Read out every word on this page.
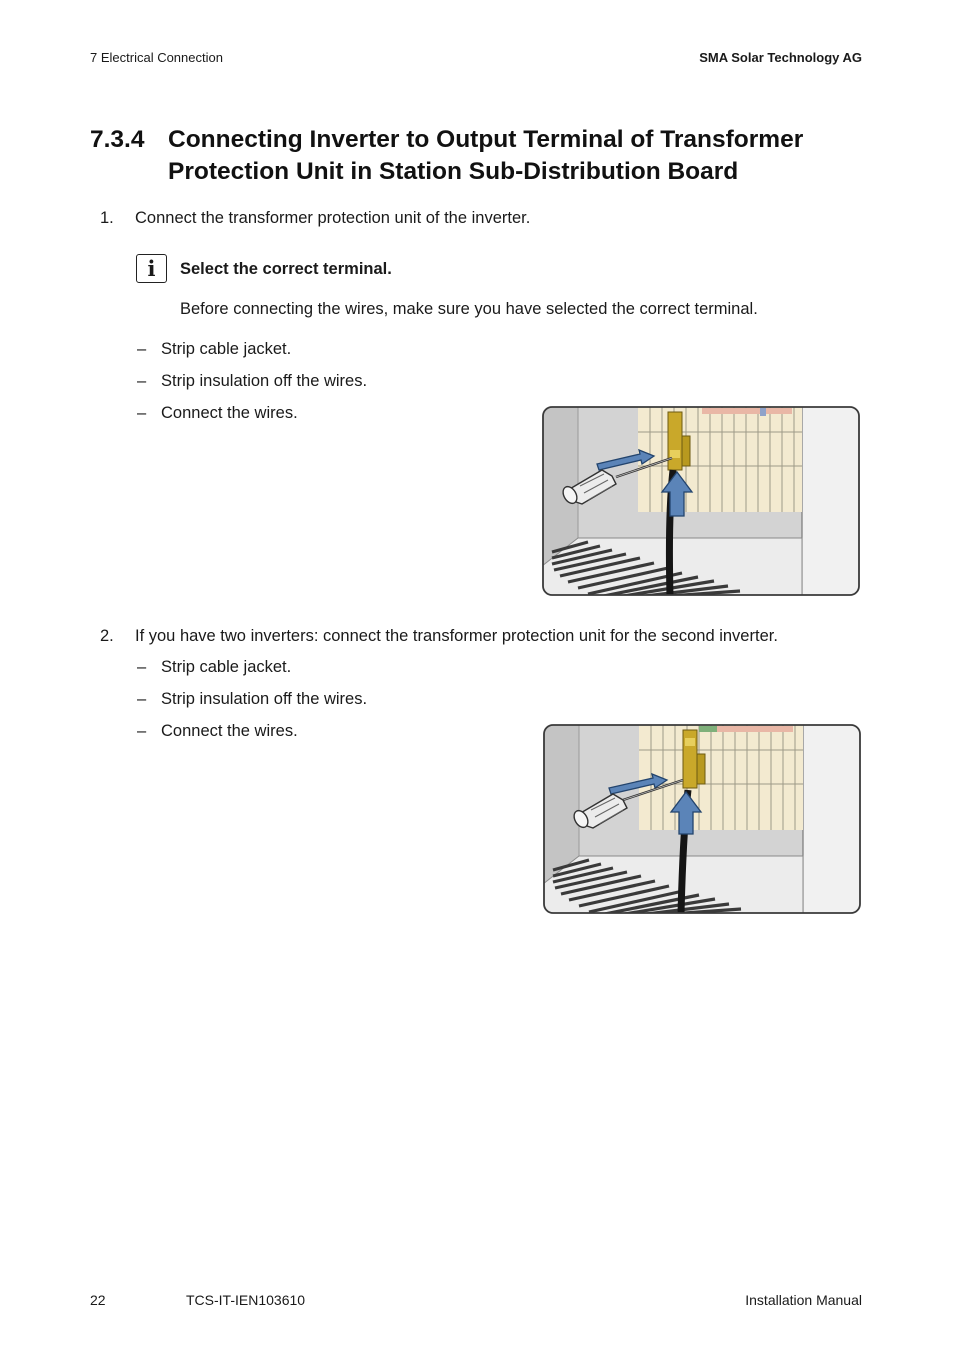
7 Electrical Connection	SMA Solar Technology AG
7.3.4 Connecting Inverter to Output Terminal of Transformer
Protection Unit in Station Sub-Distribution Board
1. Connect the transformer protection unit of the inverter.
i	Select the correct terminal.
Before connecting the wires, make sure you have selected the correct terminal.
– Strip cable jacket.
– Strip insulation off the wires.
– Connect the wires.
2. If you have two inverters: connect the transformer protection unit for the second inverter.
– Strip cable jacket.
– Strip insulation off the wires.
– Connect the wires.
22	TCS-IT-IEN103610	Installation Manual
